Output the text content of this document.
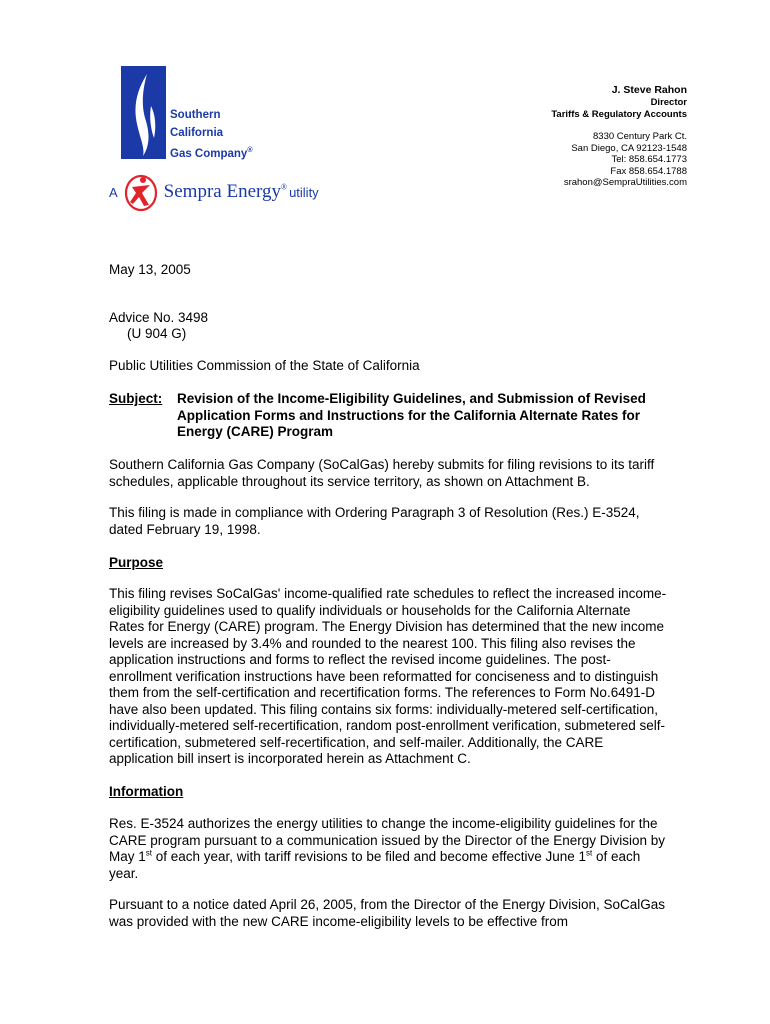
Southern
California
Gas Company®
A Sempra Energy® utility
J. Steve Rahon
Director
Tariffs & Regulatory Accounts
8330 Century Park Ct.
San Diego, CA 92123-1548
Tel: 858.654.1773
Fax 858.654.1788
srahon@SempraUtilities.com
May 13, 2005
Advice No. 3498
(U 904 G)
Public Utilities Commission of the State of California
Subject: Revision of the Income-Eligibility Guidelines, and Submission of Revised Application Forms and Instructions for the California Alternate Rates for Energy (CARE) Program
Southern California Gas Company (SoCalGas) hereby submits for filing revisions to its tariff schedules, applicable throughout its service territory, as shown on Attachment B.
This filing is made in compliance with Ordering Paragraph 3 of Resolution (Res.) E-3524, dated February 19, 1998.
Purpose
This filing revises SoCalGas' income-qualified rate schedules to reflect the increased income-eligibility guidelines used to qualify individuals or households for the California Alternate Rates for Energy (CARE) program. The Energy Division has determined that the new income levels are increased by 3.4% and rounded to the nearest 100. This filing also revises the application instructions and forms to reflect the revised income guidelines. The post-enrollment verification instructions have been reformatted for conciseness and to distinguish them from the self-certification and recertification forms. The references to Form No.6491-D have also been updated. This filing contains six forms: individually-metered self-certification, individually-metered self-recertification, random post-enrollment verification, submetered self-certification, submetered self-recertification, and self-mailer. Additionally, the CARE application bill insert is incorporated herein as Attachment C.
Information
Res. E-3524 authorizes the energy utilities to change the income-eligibility guidelines for the CARE program pursuant to a communication issued by the Director of the Energy Division by May 1st of each year, with tariff revisions to be filed and become effective June 1st of each year.
Pursuant to a notice dated April 26, 2005, from the Director of the Energy Division, SoCalGas was provided with the new CARE income-eligibility levels to be effective from
